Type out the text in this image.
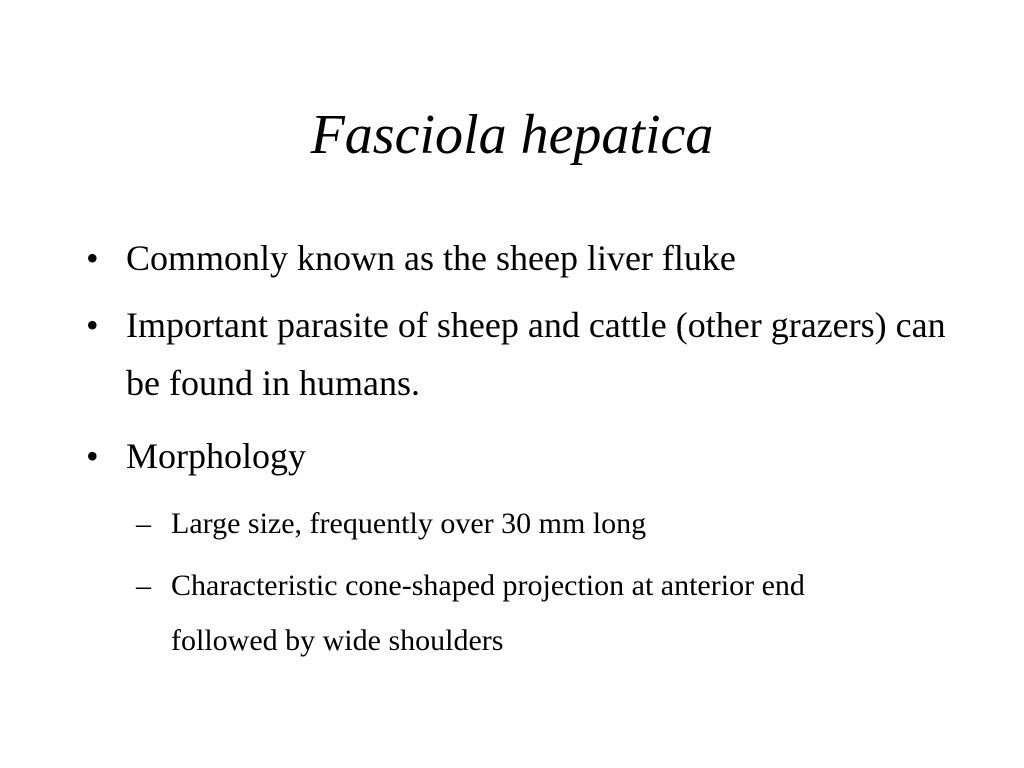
Fasciola hepatica
• Commonly known as the sheep liver fluke
• Important parasite of sheep and cattle (other grazers) can be found in humans.
• Morphology
– Large size, frequently over 30 mm long
– Characteristic cone-shaped projection at anterior end followed by wide shoulders
